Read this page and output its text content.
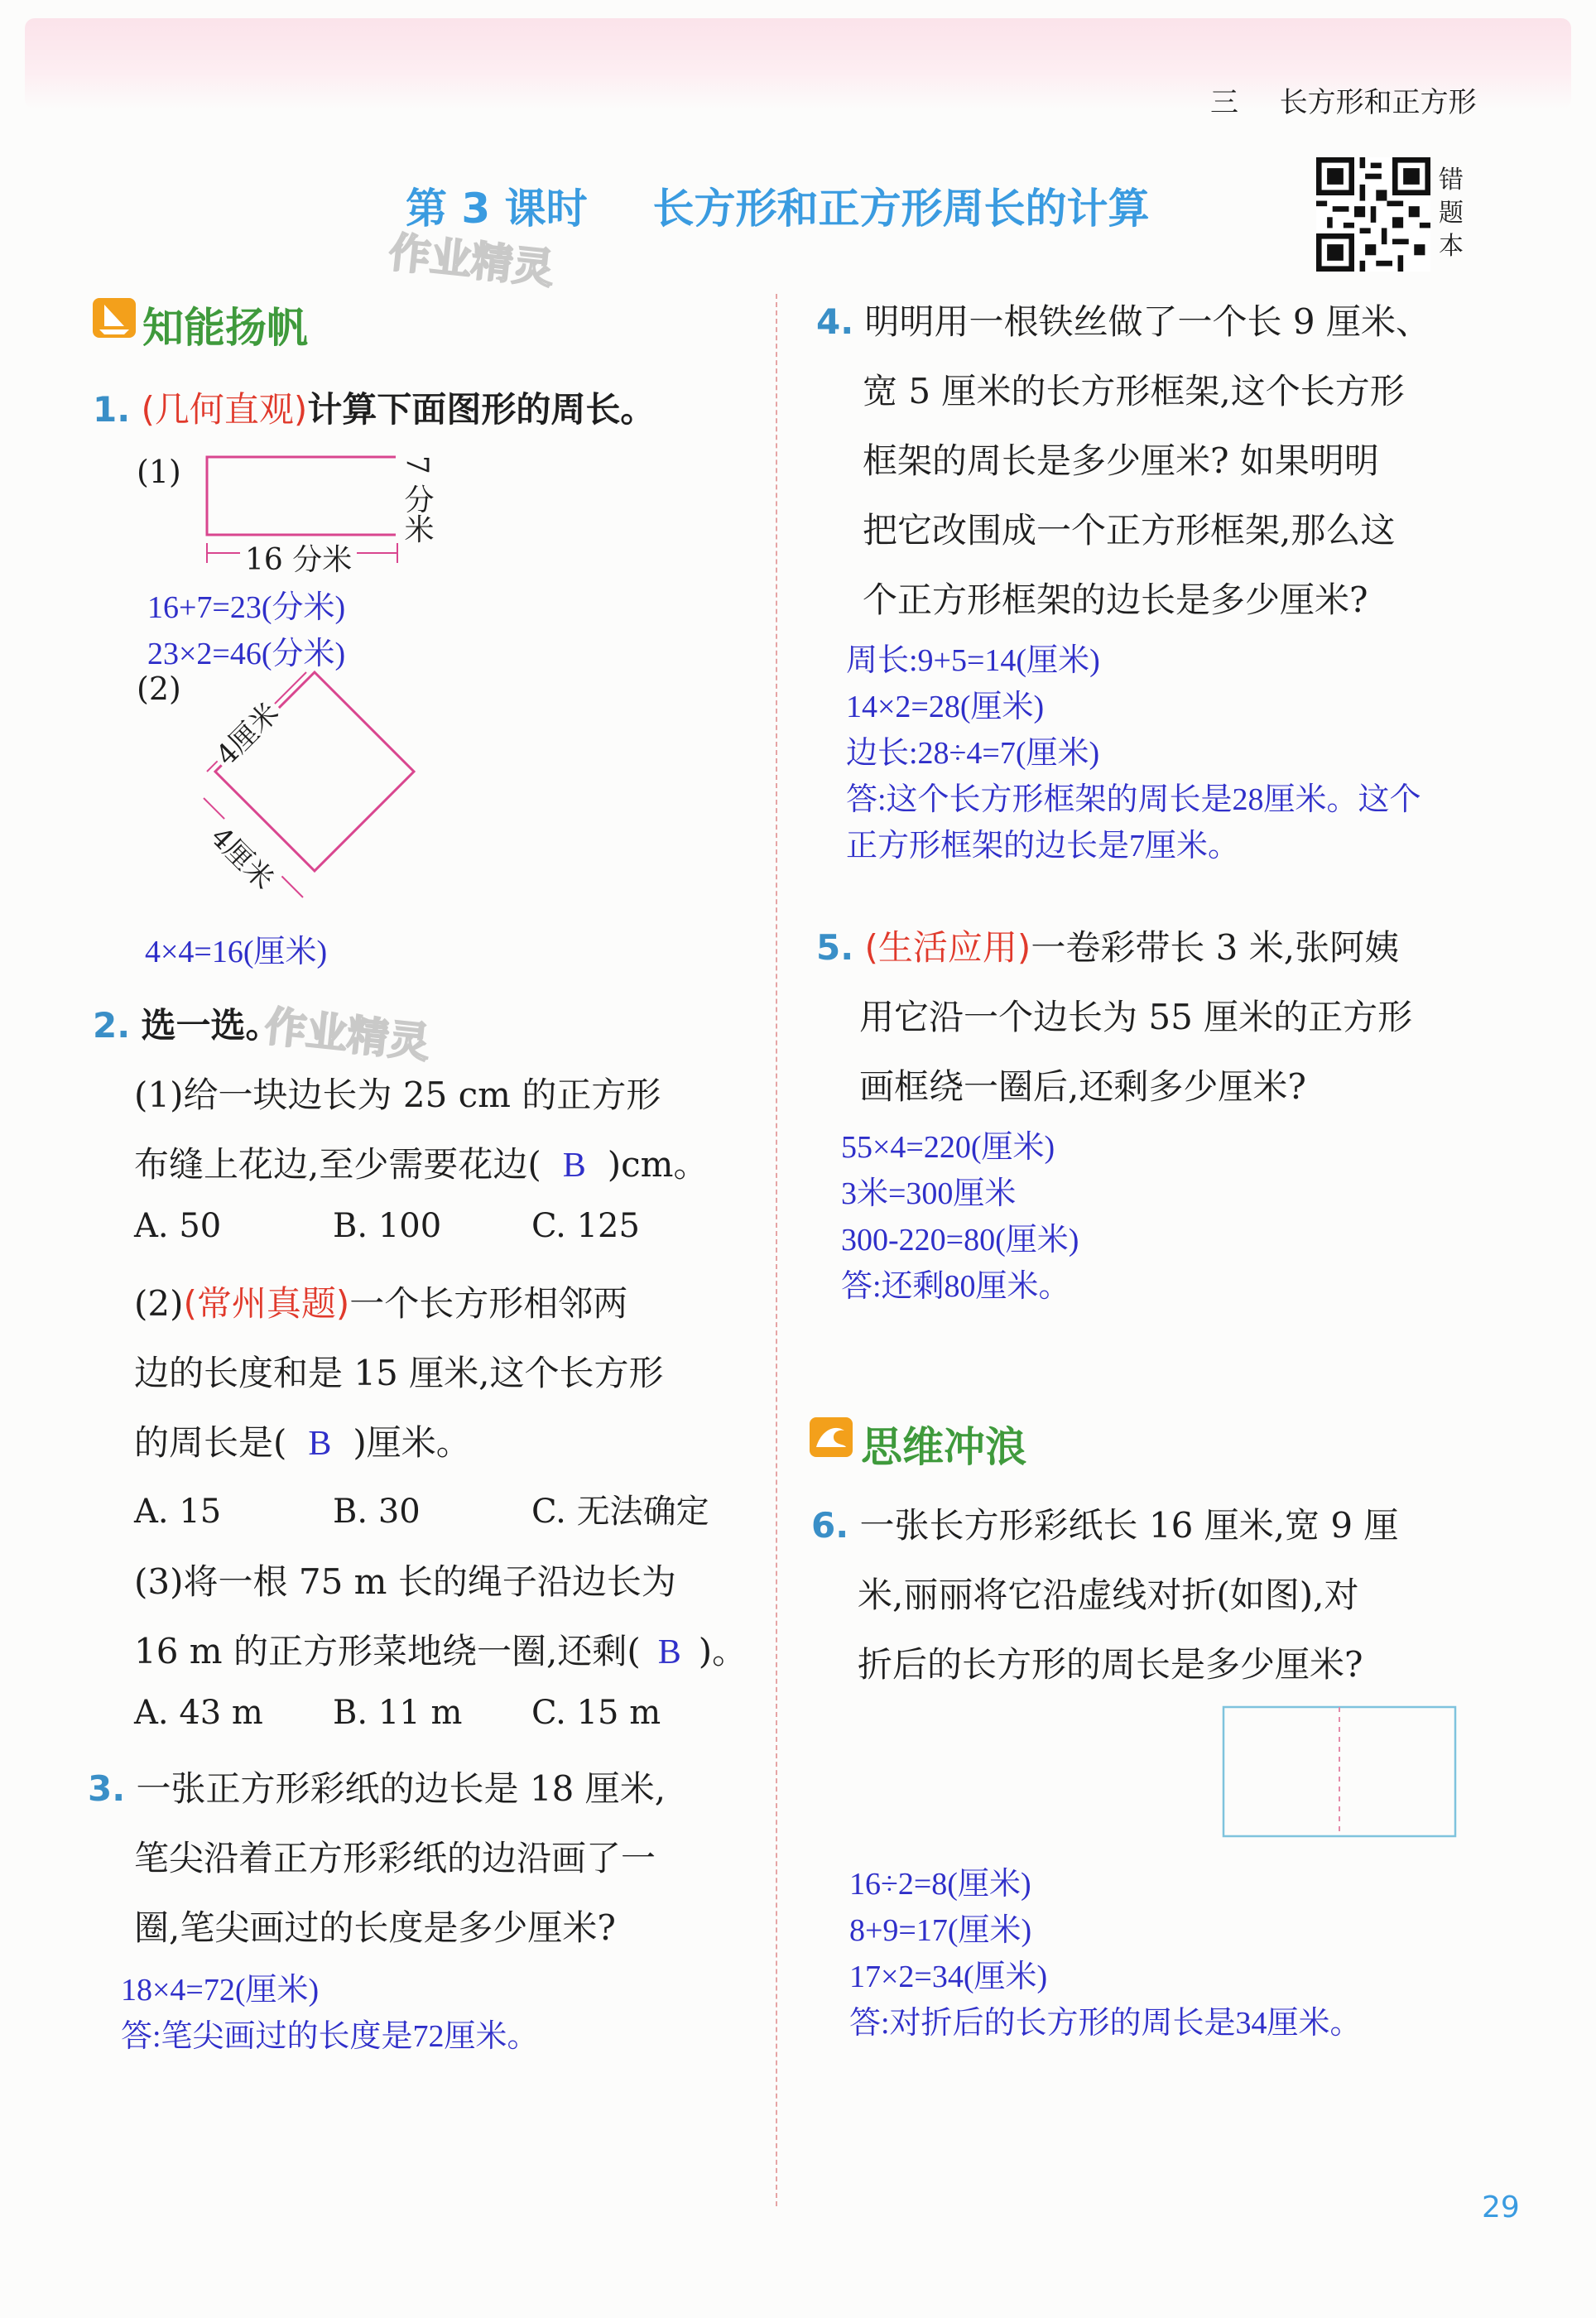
三 长方形和正方形
第 3 课时 长方形和正方形周长的计算
作业精灵
错
题
本
知能扬帆
1. (几何直观)计算下面图形的周长。
(1)
16 分米
7 分米
16+7=23(分米)
23×2=46(分米)
(2)
4厘米
4厘米
4×4=16(厘米)
2. 选一选。
作业精灵
(1)给一块边长为 25 cm 的正方形
布缝上花边,至少需要花边( B )cm。
A. 50	B. 100	C. 125
(2)(常州真题)一个长方形相邻两
边的长度和是 15 厘米,这个长方形
的周长是( B )厘米。
A. 15	B. 30	C. 无法确定
(3)将一根 75 m 长的绳子沿边长为
16 m 的正方形菜地绕一圈,还剩( B )。
A. 43 m B. 11 m C. 15 m
3. 一张正方形彩纸的边长是 18 厘米,
笔尖沿着正方形彩纸的边沿画了一
圈,笔尖画过的长度是多少厘米?
18×4=72(厘米)
答:笔尖画过的长度是72厘米。
4. 明明用一根铁丝做了一个长 9 厘米、
宽 5 厘米的长方形框架,这个长方形
框架的周长是多少厘米? 如果明明
把它改围成一个正方形框架,那么这
个正方形框架的边长是多少厘米?
周长:9+5=14(厘米)
14×2=28(厘米)
边长:28÷4=7(厘米)
答:这个长方形框架的周长是28厘米。这个
正方形框架的边长是7厘米。
5. (生活应用)一卷彩带长 3 米,张阿姨
用它沿一个边长为 55 厘米的正方形
画框绕一圈后,还剩多少厘米?
55×4=220(厘米)
3米=300厘米
300-220=80(厘米)
答:还剩80厘米。
思维冲浪
6. 一张长方形彩纸长 16 厘米,宽 9 厘
米,丽丽将它沿虚线对折(如图),对
折后的长方形的周长是多少厘米?
16÷2=8(厘米)
8+9=17(厘米)
17×2=34(厘米)
答:对折后的长方形的周长是34厘米。
29
